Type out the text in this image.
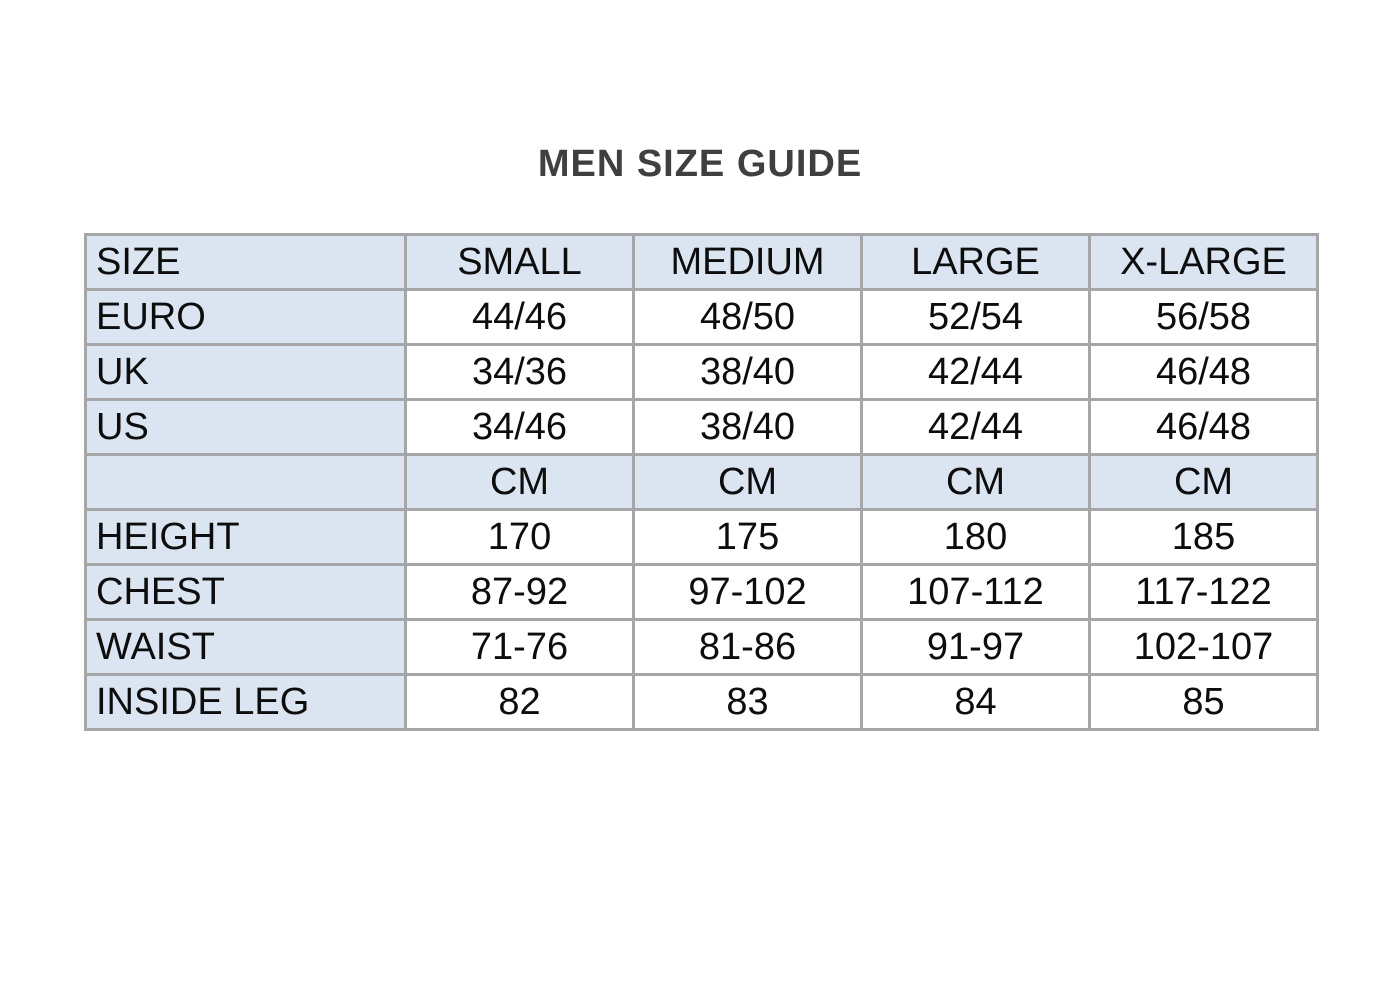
MEN SIZE GUIDE
SIZE	SMALL	MEDIUM	LARGE	X-LARGE
EURO	44/46	48/50	52/54	56/58
UK	34/36	38/40	42/44	46/48
US	34/46	38/40	42/44	46/48
	CM	CM	CM	CM
HEIGHT	170	175	180	185
CHEST	87-92	97-102	107-112	117-122
WAIST	71-76	81-86	91-97	102-107
INSIDE LEG	82	83	84	85
